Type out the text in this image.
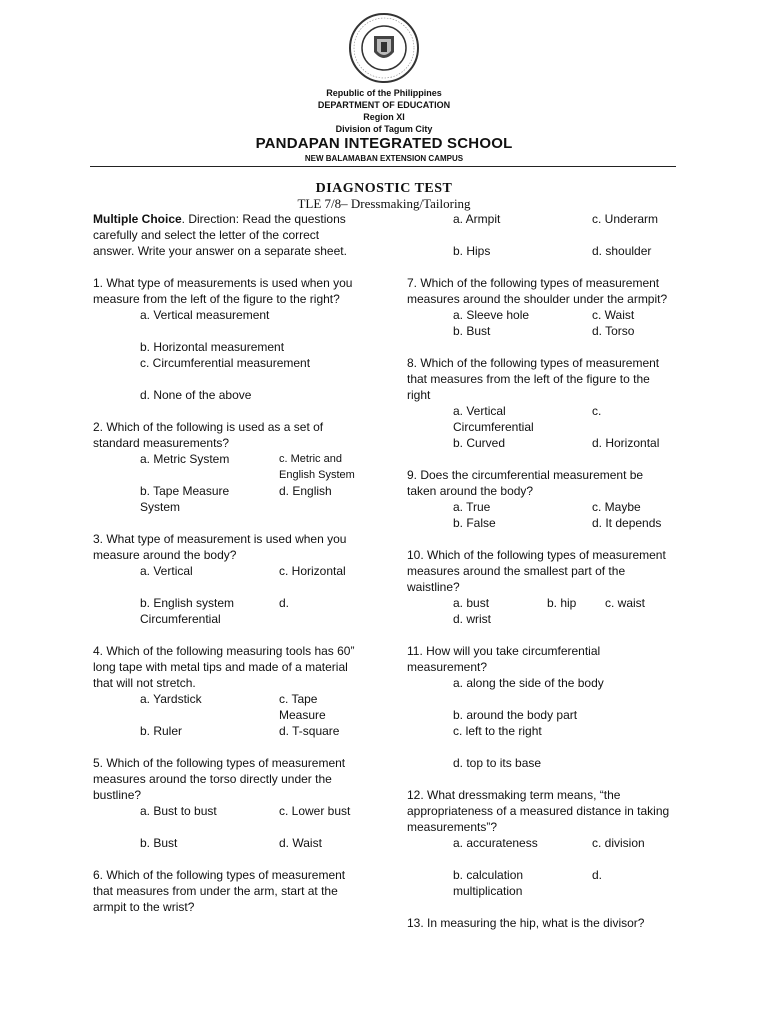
Republic of the Philippines
DEPARTMENT OF EDUCATION
Region XI
Division of Tagum City
PANDAPAN INTEGRATED SCHOOL
NEW BALAMABAN EXTENSION CAMPUS
DIAGNOSTIC TEST
TLE 7/8– Dressmaking/Tailoring

Multiple Choice. Direction: Read the questions carefully and select the letter of the correct answer. Write your answer on a separate sheet.

1. What type of measurements is used when you measure from the left of the figure to the right?

a. Vertical measurement
b. Horizontal measurement
c. Circumferential measurement
d. None of the above

2. Which of the following is used as a set of standard measurements?

a. Metric System	c. Metric and English System
b. Tape Measure System
d. English

3. What type of measurement is used when you measure around the body?

a. Vertical	c. Horizontal
b. English system	d.
Circumferential

4. Which of the following measuring tools has 60” long tape with metal tips and made of a material that will not stretch.

a. Yardstick	c. Tape Measure
b. Ruler	d. T-square

5. Which of the following types of measurement measures around the torso directly under the bustline?

a. Bust to bust	c. Lower bust
b. Bust	d. Waist

6. Which of the following types of measurement that measures from under the arm, start at the armpit to the wrist?

a. Armpit	c. Underarm
b. Hips	d. shoulder

7. Which of the following types of measurement measures around the shoulder under the armpit?

a. Sleeve hole	c. Waist
b. Bust	d. Torso

8. Which of the following types of measurement that measures from the left of the figure to the right

a. Vertical	c.
Circumferential
b. Curved	d. Horizontal

9. Does the circumferential measurement be taken around the body?

a. True	c. Maybe
b. False	d. It depends

10. Which of the following types of measurement measures around the smallest part of the waistline?

a. bust	b. hip c. waist
d. wrist

11. How will you take circumferential measurement?

a. along the side of the body
b. around the body part
c. left to the right
d. top to its base

12. What dressmaking term means, “the appropriateness of a measured distance in taking measurements”?

a. accurateness	c. division
b. calculation	d.
multiplication

13. In measuring the hip, what is the divisor?
